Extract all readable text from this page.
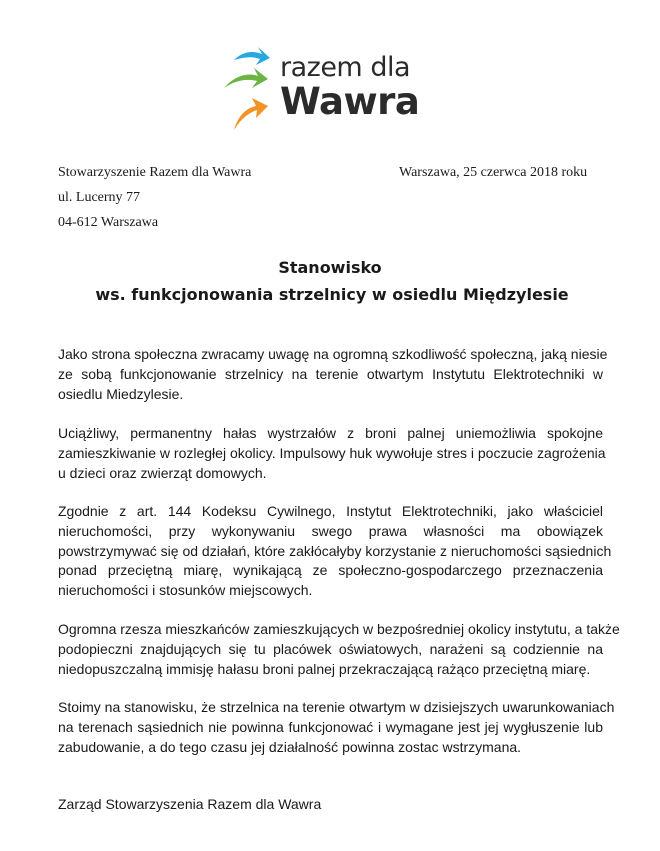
razem dla
Wawra
Stowarzyszenie Razem dla Wawra
ul. Lucerny 77
04-612 Warszawa
Warszawa, 25 czerwca 2018 roku
Stanowisko
ws. funkcjonowania strzelnicy w osiedlu Międzylesie
Jako strona społeczna zwracamy uwagę na ogromną szkodliwość społeczną, jaką niesie
ze sobą funkcjonowanie strzelnicy na terenie otwartym Instytutu Elektrotechniki w
osiedlu Miedzylesie.
Uciążliwy, permanentny hałas wystrzałów z broni palnej uniemożliwia spokojne
zamieszkiwanie w rozległej okolicy. Impulsowy huk wywołuje stres i poczucie zagrożenia
u dzieci oraz zwierząt domowych.
Zgodnie z art. 144 Kodeksu Cywilnego, Instytut Elektrotechniki, jako właściciel
nieruchomości, przy wykonywaniu swego prawa własności ma obowiązek
powstrzymywać się od działań, które zakłócałyby korzystanie z nieruchomości sąsiednich
ponad przeciętną miarę, wynikającą ze społeczno-gospodarczego przeznaczenia
nieruchomości i stosunków miejscowych.
Ogromna rzesza mieszkańców zamieszkujących w bezpośredniej okolicy instytutu, a także
podopieczni znajdujących się tu placówek oświatowych, narażeni są codziennie na
niedopuszczalną immisję hałasu broni palnej przekraczającą rażąco przeciętną miarę.
Stoimy na stanowisku, że strzelnica na terenie otwartym w dzisiejszych uwarunkowaniach
na terenach sąsiednich nie powinna funkcjonować i wymagane jest jej wygłuszenie lub
zabudowanie, a do tego czasu jej działalność powinna zostac wstrzymana.
Zarząd Stowarzyszenia Razem dla Wawra
